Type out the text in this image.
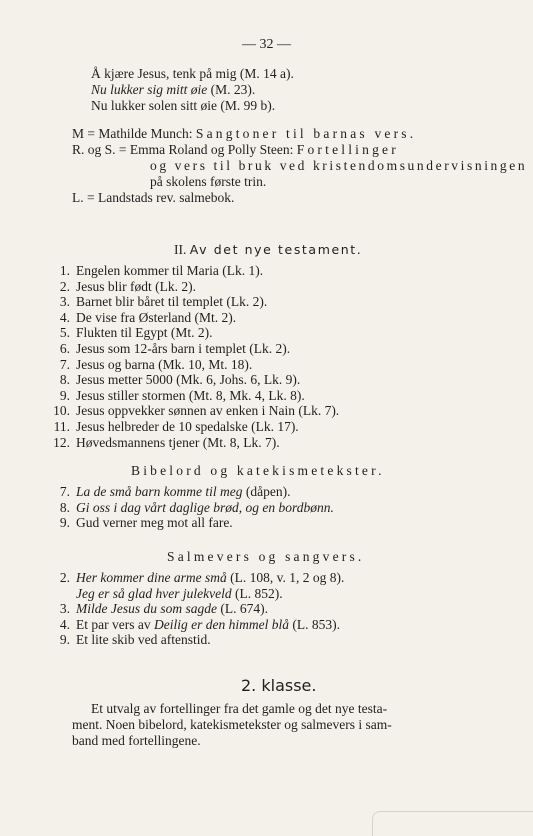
— 32 —
Å kjære Jesus, tenk på mig (M. 14 a).
Nu lukker sig mitt øie (M. 23).
Nu lukker solen sitt øie (M. 99 b).
M = Mathilde Munch: Sangtoner til barnas vers.
R. og S. = Emma Roland og Polly Steen: Fortellinger
og vers til bruk ved kristendomsundervisningen
på skolens første trin.
L. = Landstads rev. salmebok.
II. Av det nye testament.
1. Engelen kommer til Maria (Lk. 1).
2. Jesus blir født (Lk. 2).
3. Barnet blir båret til templet (Lk. 2).
4. De vise fra Østerland (Mt. 2).
5. Flukten til Egypt (Mt. 2).
6. Jesus som 12-års barn i templet (Lk. 2).
7. Jesus og barna (Mk. 10, Mt. 18).
8. Jesus metter 5000 (Mk. 6, Johs. 6, Lk. 9).
9. Jesus stiller stormen (Mt. 8, Mk. 4, Lk. 8).
10. Jesus oppvekker sønnen av enken i Nain (Lk. 7).
11. Jesus helbreder de 10 spedalske (Lk. 17).
12. Høvedsmannens tjener (Mt. 8, Lk. 7).
Bibelord og katekismetekster.
7. La de små barn komme til meg (dåpen).
8. Gi oss i dag vårt daglige brød, og en bordbønn.
9. Gud verner meg mot all fare.
Salmevers og sangvers.
2. Her kommer dine arme små (L. 108, v. 1, 2 og 8).
Jeg er så glad hver julekveld (L. 852).
3. Milde Jesus du som sagde (L. 674).
4. Et par vers av Deilig er den himmel blå (L. 853).
9. Et lite skib ved aftenstid.
2. klasse.
Et utvalg av fortellinger fra det gamle og det nye testa-
ment. Noen bibelord, katekismetekster og salmevers i sam-
band med fortellingene.
